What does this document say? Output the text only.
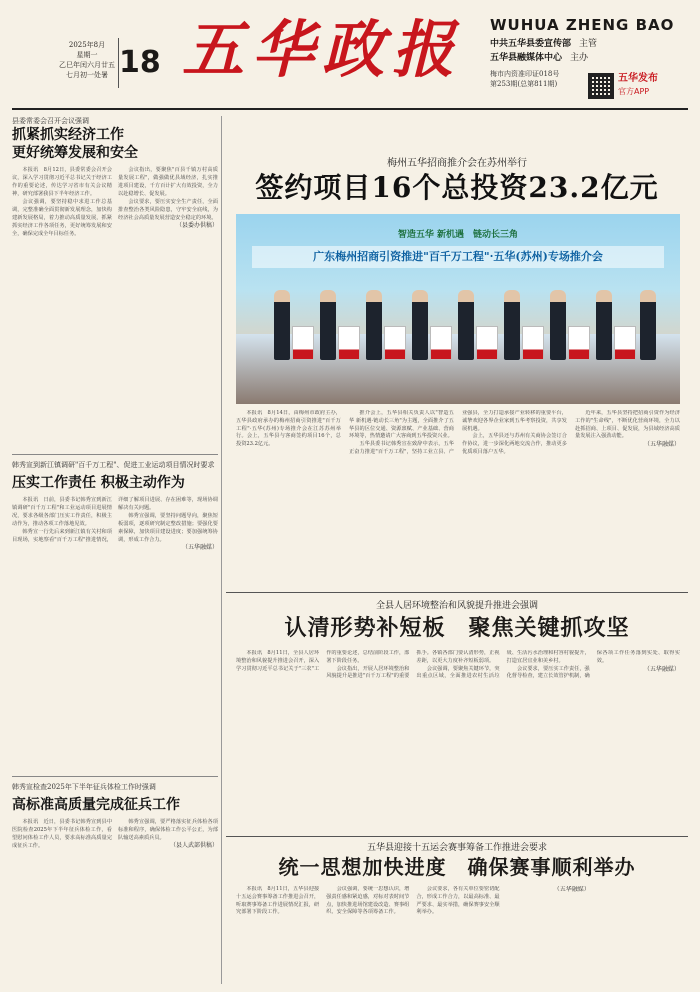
2025年8月
星期一
乙巳年闰六月廿五
七月初一处暑 18 五华政报	WUHUA ZHENG BAO
中共五华县委宣传部 主管
五华县融媒体中心 主办
梅市内资准印证018号
第253期(总第811期)	五华发布
官方APP
县委常委会召开会议强调
抓紧抓实经济工作
更好统筹发展和安全

本报讯　8月12日，县委常委会召开会议，深入学习贯彻习近平总书记关于经济工作的重要论述，传达学习省市有关会议精神，研究部署我县下半年经济工作。

会议强调，要坚持稳中求进工作总基调，完整准确全面贯彻新发展理念，加快构建新发展格局，着力推动高质量发展，抓紧抓实经济工作各项任务，更好统筹发展和安全，确保完成全年目标任务。

会议指出，要聚焦"百县千镇万村高质量发展工程"，做强做优县域经济，扎实推进项目建设，千方百计扩大有效投资，全力以赴稳增长、促发展。

会议要求，要压实安全生产责任，全面排查整治各类风险隐患，守牢安全底线，为经济社会高质量发展营造安全稳定的环境。

（县委办供稿）
韩秀宣到新江镇调研"百千万工程"、促进工业运动项目情况时要求
压实工作责任 积极主动作为

本报讯　日前，县委书记韩秀宣到新江镇调研"百千万工程"和工业运动项目进展情况，要求各级各部门压实工作责任，积极主动作为，推动各项工作落地见效。

韩秀宣一行先后来到新江镇有关村和项目现场，实地察看"百千万工程"推进情况，详细了解项目进展、存在困难等，现场协调解决有关问题。

韩秀宣强调，要坚持问题导向，聚焦短板弱项，逐项研究制定整改措施；要强化要素保障，加快项目建设进度；要加强统筹协调，形成工作合力。

（五华融媒）
韩秀宣检查2025年下半年征兵体检工作时强调
高标准高质量完成征兵工作

本报讯　近日，县委书记韩秀宣到县中医院检查2025年下半年征兵体检工作，看望慰问体检工作人员，要求高标准高质量完成征兵工作。

韩秀宣强调，要严格落实征兵体检各项标准和程序，确保体检工作公平公正，为部队输送高素质兵员。

（县人武部供稿）
梅州五华招商推介会在苏州举行
签约项目16个总投资23.2亿元
智造五华 新机遇　链动长三角
广东梅州招商引资推进"百千万工程"·五华(苏州)专场推介会

本报讯　8月14日，由梅州市政府主办，五华县政府承办的梅州招商引资推进"百千万工程"·五华(苏州)专场推介会在江苏苏州举行。会上，五华县与客商签约项目16个，总投资23.2亿元。

推介会上，五华县相关负责人以"智造五华 新机遇·链动长三角"为主题，全面推介了五华县的区位交通、资源禀赋、产业基础、营商环境等，热情邀请广大客商到五华投资兴业。

五华县委书记韩秀宣在致辞中表示，五华正奋力推进"百千万工程"，坚持工业立县、产业强县，全力打造承接产业转移的重要平台，诚挚欢迎各界企业家到五华考察投资，共享发展机遇。

会上，五华县还与苏州有关商协会签订合作协议，进一步深化两地交流合作，推动更多优质项目落户五华。

近年来，五华县坚持把招商引资作为经济工作的"生命线"，不断优化营商环境，全力以赴抓招商、上项目、促发展，为县域经济高质量发展注入强劲动能。

（五华融媒）
全县人居环境整治和风貌提升推进会强调
认清形势补短板　聚焦关键抓攻坚

本报讯　8月11日，全县人居环境整治和风貌提升推进会召开，深入学习贯彻习近平总书记关于"三农"工作的重要论述，总结前阶段工作，部署下阶段任务。

会议指出，开展人居环境整治和风貌提升是推进"百千万工程"的重要抓手。各镇各部门要认清形势，正视差距，以更大力度补齐短板弱项。

会议强调，要聚焦关键环节，突出重点区域，全面推进农村生活垃圾、生活污水治理和村容村貌提升，打造宜居宜业和美乡村。

会议要求，要压实工作责任，强化督导检查，建立长效管护机制，确保各项工作任务落到实处、取得实效。

（五华融媒）
五华县迎接十五运会赛事筹备工作推进会要求
统一思想加快进度　确保赛事顺利举办

本报讯　8月11日，五华县迎接十五运会赛事筹备工作推进会召开，听取赛事筹备工作进展情况汇报，研究部署下阶段工作。

会议强调，要统一思想认识，增强责任感和紧迫感，对标对表时间节点，加快推进场馆建设改造、赛事组织、安全保障等各项筹备工作。

会议要求，各有关单位要密切配合，形成工作合力，以最高标准、最严要求、最实举措，确保赛事安全顺利举办。

（五华融媒）
